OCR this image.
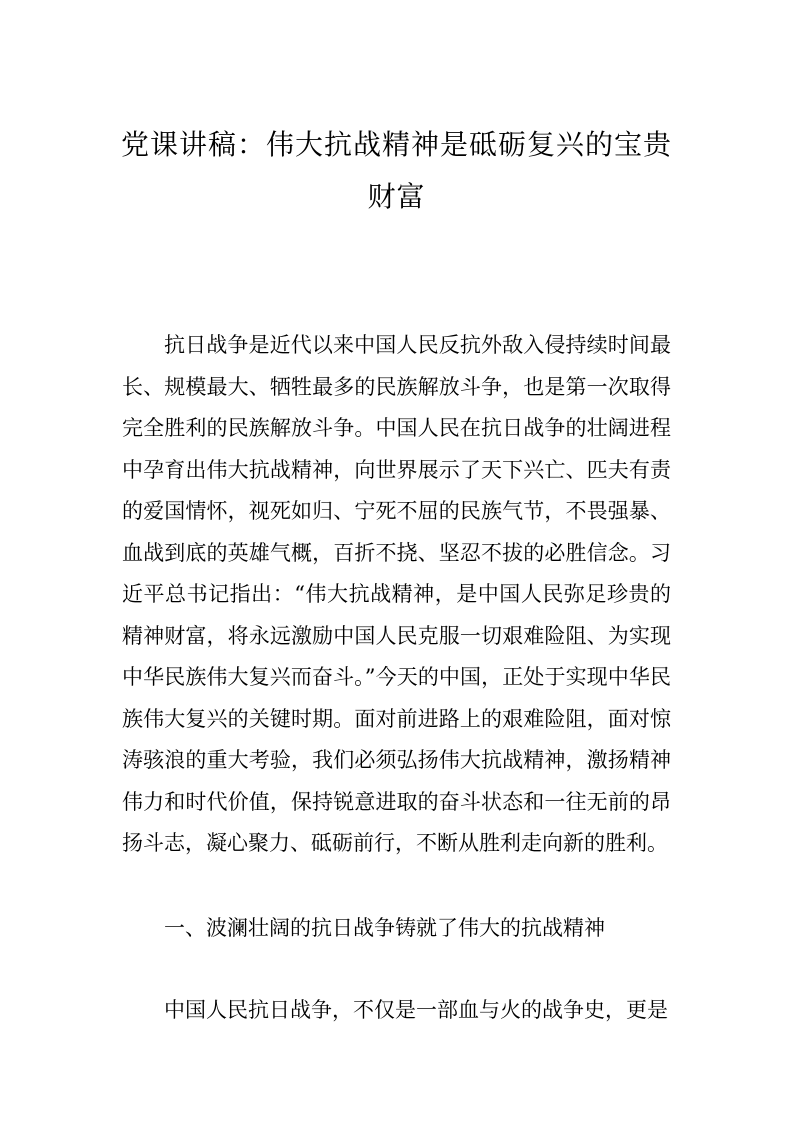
党课讲稿：伟大抗战精神是砥砺复兴的宝贵财富

抗日战争是近代以来中国人民反抗外敌入侵持续时间最长、规模最大、牺牲最多的民族解放斗争，也是第一次取得完全胜利的民族解放斗争。中国人民在抗日战争的壮阔进程中孕育出伟大抗战精神，向世界展示了天下兴亡、匹夫有责的爱国情怀，视死如归、宁死不屈的民族气节，不畏强暴、血战到底的英雄气概，百折不挠、坚忍不拔的必胜信念。习近平总书记指出：“伟大抗战精神，是中国人民弥足珍贵的精神财富，将永远激励中国人民克服一切艰难险阻、为实现中华民族伟大复兴而奋斗。”今天的中国，正处于实现中华民族伟大复兴的关键时期。面对前进路上的艰难险阻，面对惊涛骇浪的重大考验，我们必须弘扬伟大抗战精神，激扬精神伟力和时代价值，保持锐意进取的奋斗状态和一往无前的昂扬斗志，凝心聚力、砥砺前行，不断从胜利走向新的胜利。

一、波澜壮阔的抗日战争铸就了伟大的抗战精神

中国人民抗日战争，不仅是一部血与火的战争史，更是
